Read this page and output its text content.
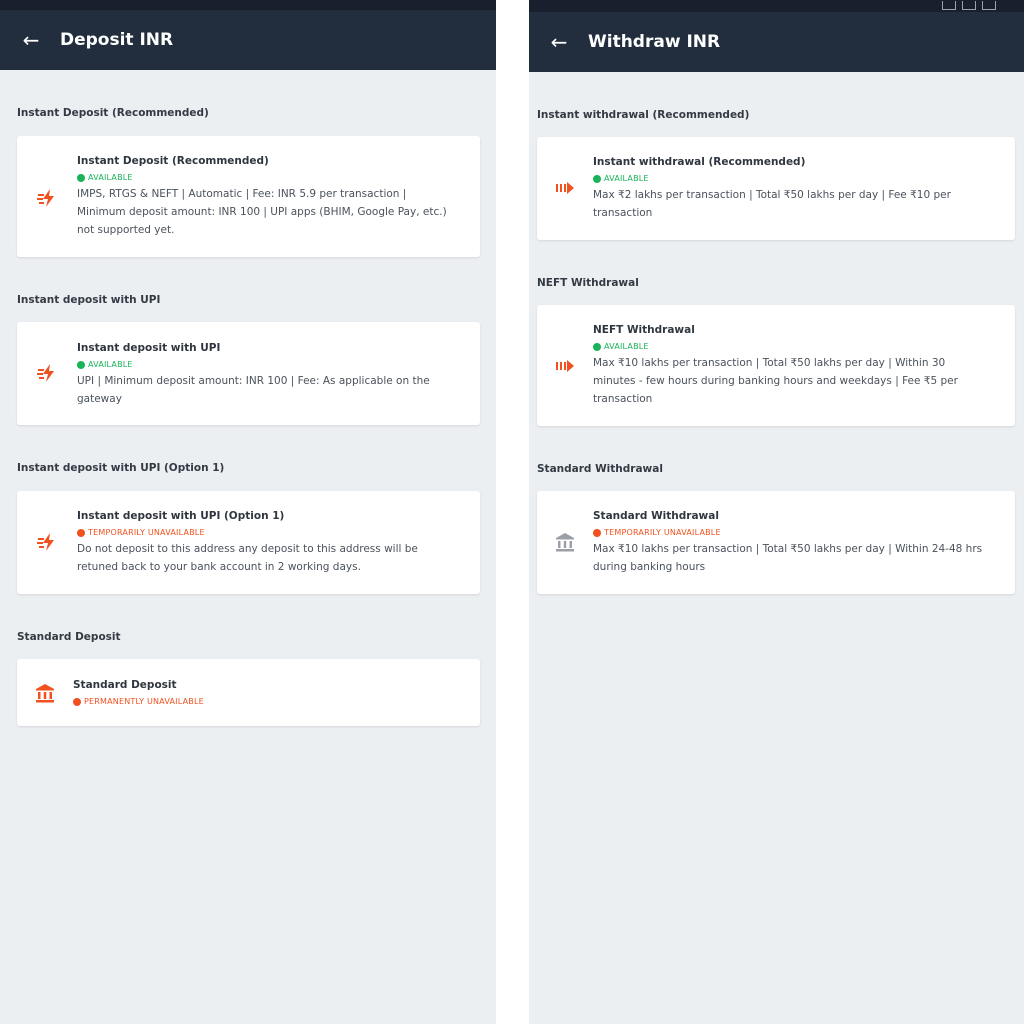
← Deposit INR
Instant Deposit (Recommended)
Instant Deposit (Recommended)
AVAILABLE
IMPS, RTGS & NEFT | Automatic | Fee: INR 5.9 per transaction | Minimum deposit amount: INR 100 | UPI apps (BHIM, Google Pay, etc.) not supported yet.
Instant deposit with UPI
Instant deposit with UPI
AVAILABLE
UPI | Minimum deposit amount: INR 100 | Fee: As applicable on the gateway
Instant deposit with UPI (Option 1)
Instant deposit with UPI (Option 1)
TEMPORARILY UNAVAILABLE
Do not deposit to this address any deposit to this address will be retuned back to your bank account in 2 working days.
Standard Deposit
Standard Deposit
PERMANENTLY UNAVAILABLE
← Withdraw INR
Instant withdrawal (Recommended)
Instant withdrawal (Recommended)
AVAILABLE
Max ₹2 lakhs per transaction | Total ₹50 lakhs per day | Fee ₹10 per transaction
NEFT Withdrawal
NEFT Withdrawal
AVAILABLE
Max ₹10 lakhs per transaction | Total ₹50 lakhs per day | Within 30 minutes - few hours during banking hours and weekdays | Fee ₹5 per transaction
Standard Withdrawal
Standard Withdrawal
TEMPORARILY UNAVAILABLE
Max ₹10 lakhs per transaction | Total ₹50 lakhs per day | Within 24-48 hrs during banking hours
